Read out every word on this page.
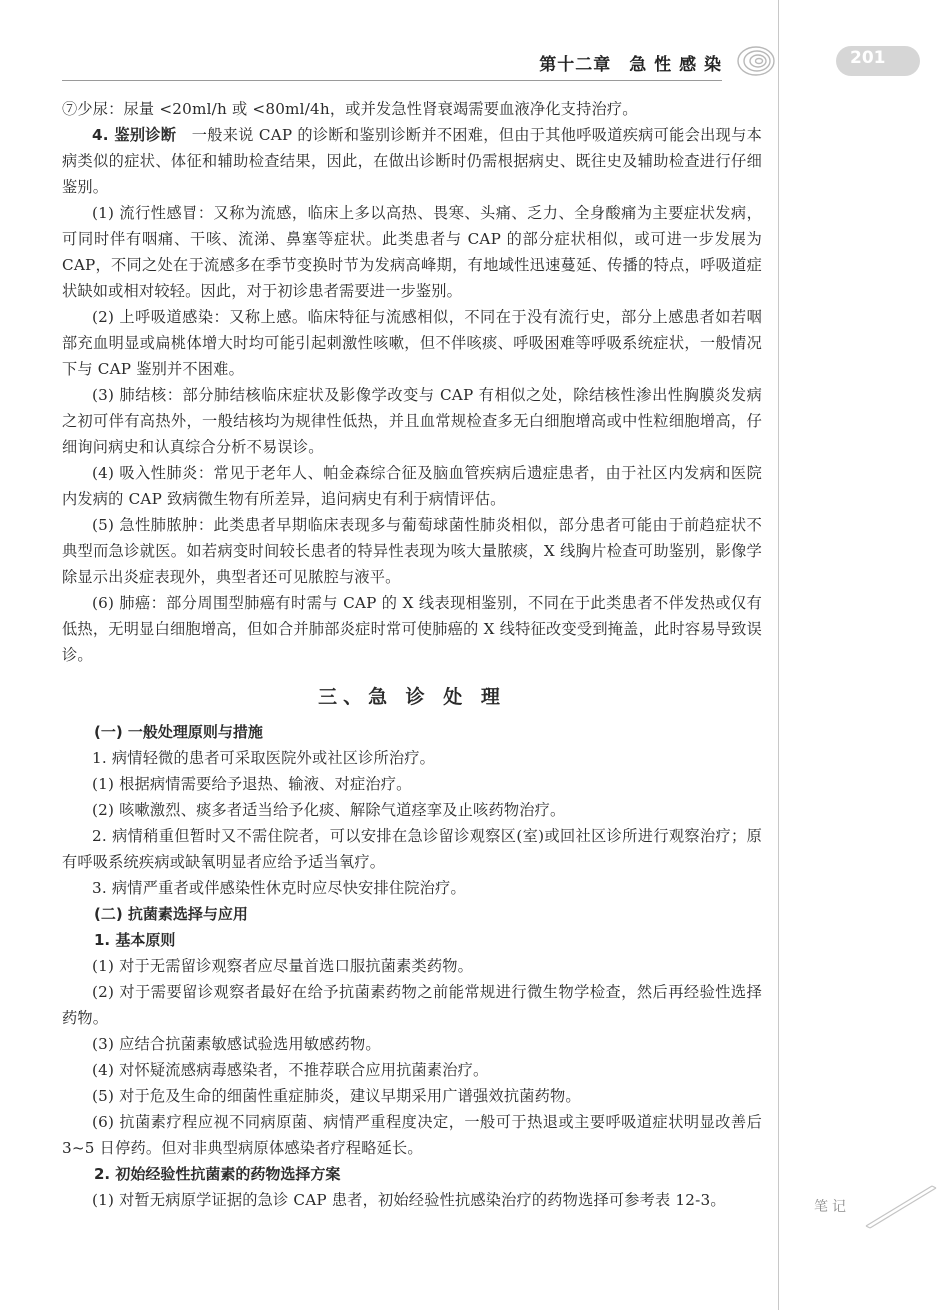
第十二章　急 性 感 染	201

⑦少尿：尿量 <20ml/h 或 <80ml/4h，或并发急性肾衰竭需要血液净化支持治疗。

4. 鉴别诊断　一般来说 CAP 的诊断和鉴别诊断并不困难，但由于其他呼吸道疾病可能会出现与本病类似的症状、体征和辅助检查结果，因此，在做出诊断时仍需根据病史、既往史及辅助检查进行仔细鉴别。

(1) 流行性感冒：又称为流感，临床上多以高热、畏寒、头痛、乏力、全身酸痛为主要症状发病，可同时伴有咽痛、干咳、流涕、鼻塞等症状。此类患者与 CAP 的部分症状相似，或可进一步发展为 CAP，不同之处在于流感多在季节变换时节为发病高峰期，有地域性迅速蔓延、传播的特点，呼吸道症状缺如或相对较轻。因此，对于初诊患者需要进一步鉴别。

(2) 上呼吸道感染：又称上感。临床特征与流感相似，不同在于没有流行史，部分上感患者如若咽部充血明显或扁桃体增大时均可能引起刺激性咳嗽，但不伴咳痰、呼吸困难等呼吸系统症状，一般情况下与 CAP 鉴别并不困难。

(3) 肺结核：部分肺结核临床症状及影像学改变与 CAP 有相似之处，除结核性渗出性胸膜炎发病之初可伴有高热外，一般结核均为规律性低热，并且血常规检查多无白细胞增高或中性粒细胞增高，仔细询问病史和认真综合分析不易误诊。

(4) 吸入性肺炎：常见于老年人、帕金森综合征及脑血管疾病后遗症患者，由于社区内发病和医院内发病的 CAP 致病微生物有所差异，追问病史有利于病情评估。

(5) 急性肺脓肿：此类患者早期临床表现多与葡萄球菌性肺炎相似，部分患者可能由于前趋症状不典型而急诊就医。如若病变时间较长患者的特异性表现为咳大量脓痰，X 线胸片检查可助鉴别，影像学除显示出炎症表现外，典型者还可见脓腔与液平。

(6) 肺癌：部分周围型肺癌有时需与 CAP 的 X 线表现相鉴别，不同在于此类患者不伴发热或仅有低热，无明显白细胞增高，但如合并肺部炎症时常可使肺癌的 X 线特征改变受到掩盖，此时容易导致误诊。

三、急 诊 处 理
(一) 一般处理原则与措施

1. 病情轻微的患者可采取医院外或社区诊所治疗。

(1) 根据病情需要给予退热、输液、对症治疗。

(2) 咳嗽激烈、痰多者适当给予化痰、解除气道痉挛及止咳药物治疗。

2. 病情稍重但暂时又不需住院者，可以安排在急诊留诊观察区(室)或回社区诊所进行观察治疗；原有呼吸系统疾病或缺氧明显者应给予适当氧疗。

3. 病情严重者或伴感染性休克时应尽快安排住院治疗。

(二) 抗菌素选择与应用
1. 基本原则

(1) 对于无需留诊观察者应尽量首选口服抗菌素类药物。

(2) 对于需要留诊观察者最好在给予抗菌素药物之前能常规进行微生物学检查，然后再经验性选择药物。

(3) 应结合抗菌素敏感试验选用敏感药物。

(4) 对怀疑流感病毒感染者，不推荐联合应用抗菌素治疗。

(5) 对于危及生命的细菌性重症肺炎，建议早期采用广谱强效抗菌药物。

(6) 抗菌素疗程应视不同病原菌、病情严重程度决定，一般可于热退或主要呼吸道症状明显改善后 3~5 日停药。但对非典型病原体感染者疗程略延长。

2. 初始经验性抗菌素的药物选择方案

(1) 对暂无病原学证据的急诊 CAP 患者，初始经验性抗感染治疗的药物选择可参考表 12-3。	笔记
